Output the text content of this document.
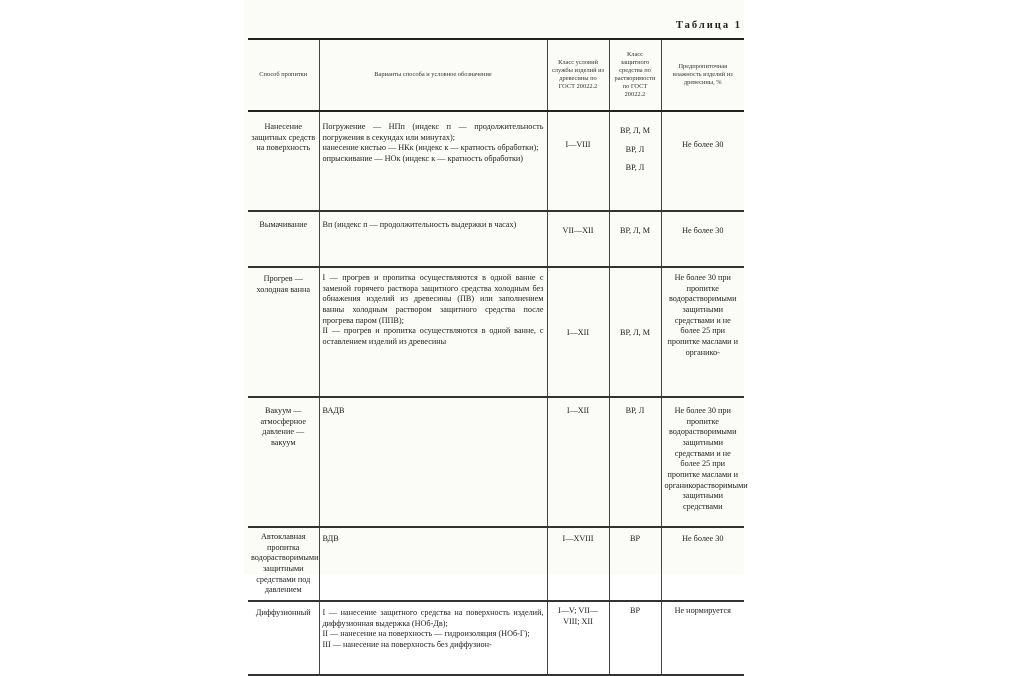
Таблица 1
Способ пропитки	Варианты способа и условное обозначение	Класс условий службы изделий из древесины по ГОСТ 20022.2	Класс защитного средства по растворимости по ГОСТ 20022.2	Предпропиточная влажность изделий из древесины, %
Нанесение защитных средств на поверхность	Погружение — НПп (индекс п — продолжительность погружения в секундах или минутах);
нанесение кистью — НКк (индекс к — кратность обработки);
опрыскивание — НОк (индекс к — кратность обработки)	I—VIII	ВР, Л, М
ВР, Л
ВР, Л	Не более 30
Вымачивание	Вп (индекс п — продолжительность выдержки в часах)	VII—XII	ВР, Л, М	Не более 30
Прогрев — холодная ванна	I — прогрев и пропитка осуществляются в одной ванне с заменой горячего раствора защитного средства холодным без обнажения изделий из древесины (ПВ) или заполнением ванны холодным раствором защитного средства после прогрева паром (ППВ);
II — прогрев и пропитка осуществляются в одной ванне, с оставлением изделий из древесины	I—XII	ВР, Л, М	Не более 30 при пропитке водорастворимыми защитными средствами и не более 25 при пропитке маслами и органико-
Вакуум — атмосферное давление — вакуум	ВАДВ	I—XII	ВР, Л	Не более 30 при пропитке водорастворимыми защитными средствами и не более 25 при пропитке маслами и органикорастворимыми защитными средствами
Автоклавная пропитка водорастворимыми защитными средствами под давлением	ВДВ	I—XVIII	ВР	Не более 30
Диффузионный	I — нанесение защитного средства на поверхность изделий, диффузионная выдержка (НОб-Дв);
II — нанесение на поверхность — гидроизоляция (НОб-Г);
III — нанесение на поверхность без диффузион-	I—V; VII—VIII; XII	ВР	Не нормируется
